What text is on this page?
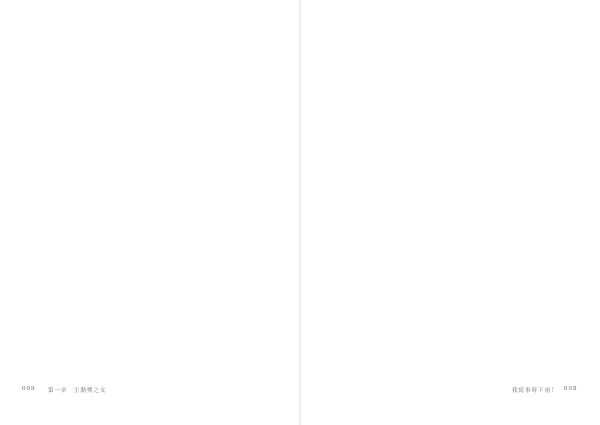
009 第一章　主動獎之女	我寫事時下雨！ 008
